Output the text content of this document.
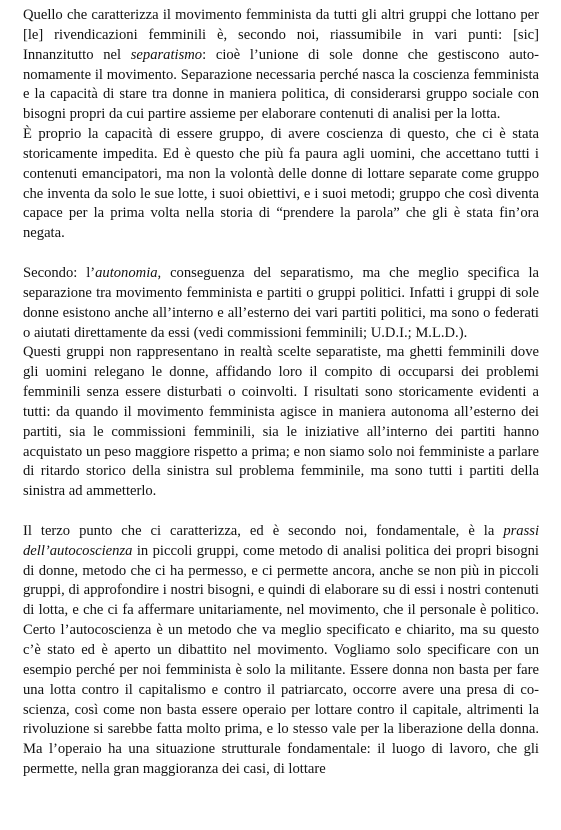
Quello che caratterizza il movimento femminista da tutti gli altri gruppi che lottano per [le] rivendicazioni femminili è, secondo noi, riassumibile in vari punti: [sic] Innanzitutto nel separatismo: cioè l’unione di sole donne che gestiscono autonomamente il movimento. Separazione necessaria perché nasca la coscienza femminista e la capacità di stare tra donne in maniera politica, di considerarsi gruppo sociale con bisogni propri da cui partire assieme per elaborare contenuti di analisi per la lotta.

È proprio la capacità di essere gruppo, di avere coscienza di questo, che ci è stata storicamente impedita. Ed è questo che più fa paura agli uomini, che accettano tutti i contenuti emancipatori, ma non la volontà delle donne di lottare separate come gruppo che inventa da solo le sue lotte, i suoi obiettivi, e i suoi metodi; gruppo che così diventa capace per la prima volta nella storia di “prendere la parola” che gli è stata fin’ora negata.

Secondo: l’autonomia, conseguenza del separatismo, ma che meglio specifica la separazione tra movimento femminista e partiti o gruppi politici. Infatti i gruppi di sole donne esistono anche all’interno e all’esterno dei vari partiti politici, ma sono o federati o aiutati direttamente da essi (vedi commissioni femminili; U.D.I.; M.L.D.).

Questi gruppi non rappresentano in realtà scelte separatiste, ma ghetti femminili dove gli uomini relegano le donne, affidando loro il compito di occuparsi dei problemi femminili senza essere disturbati o coinvolti. I risultati sono storicamente evidenti a tutti: da quando il movimento femminista agisce in maniera autonoma all’esterno dei partiti, sia le commissioni femminili, sia le iniziative all’interno dei partiti hanno acquistato un peso maggiore rispetto a prima; e non siamo solo noi femministe a parlare di ritardo storico della sinistra sul problema femminile, ma sono tutti i partiti della sinistra ad ammetterlo.

Il terzo punto che ci caratterizza, ed è secondo noi, fondamentale, è la prassi dell’autocoscienza in piccoli gruppi, come metodo di analisi politica dei propri bisogni di donne, metodo che ci ha permesso, e ci permette ancora, anche se non più in piccoli gruppi, di approfondire i nostri bisogni, e quindi di elaborare su di essi i nostri contenuti di lotta, e che ci fa affermare unitariamente, nel movimento, che il personale è politico. Certo l’autocoscienza è un metodo che va meglio specificato e chiarito, ma su questo c’è stato ed è aperto un dibattito nel movimento. Vogliamo solo specificare con un esempio perché per noi femminista è solo la militante. Essere donna non basta per fare una lotta contro il capitalismo e contro il patriarcato, occorre avere una presa di coscienza, così come non basta essere operaio per lottare contro il capitale, altrimenti la rivoluzione si sarebbe fatta molto prima, e lo stesso vale per la liberazione della donna. Ma l’operaio ha una situazione strutturale fondamentale: il luogo di lavoro, che gli permette, nella gran maggioranza dei casi, di lottare
